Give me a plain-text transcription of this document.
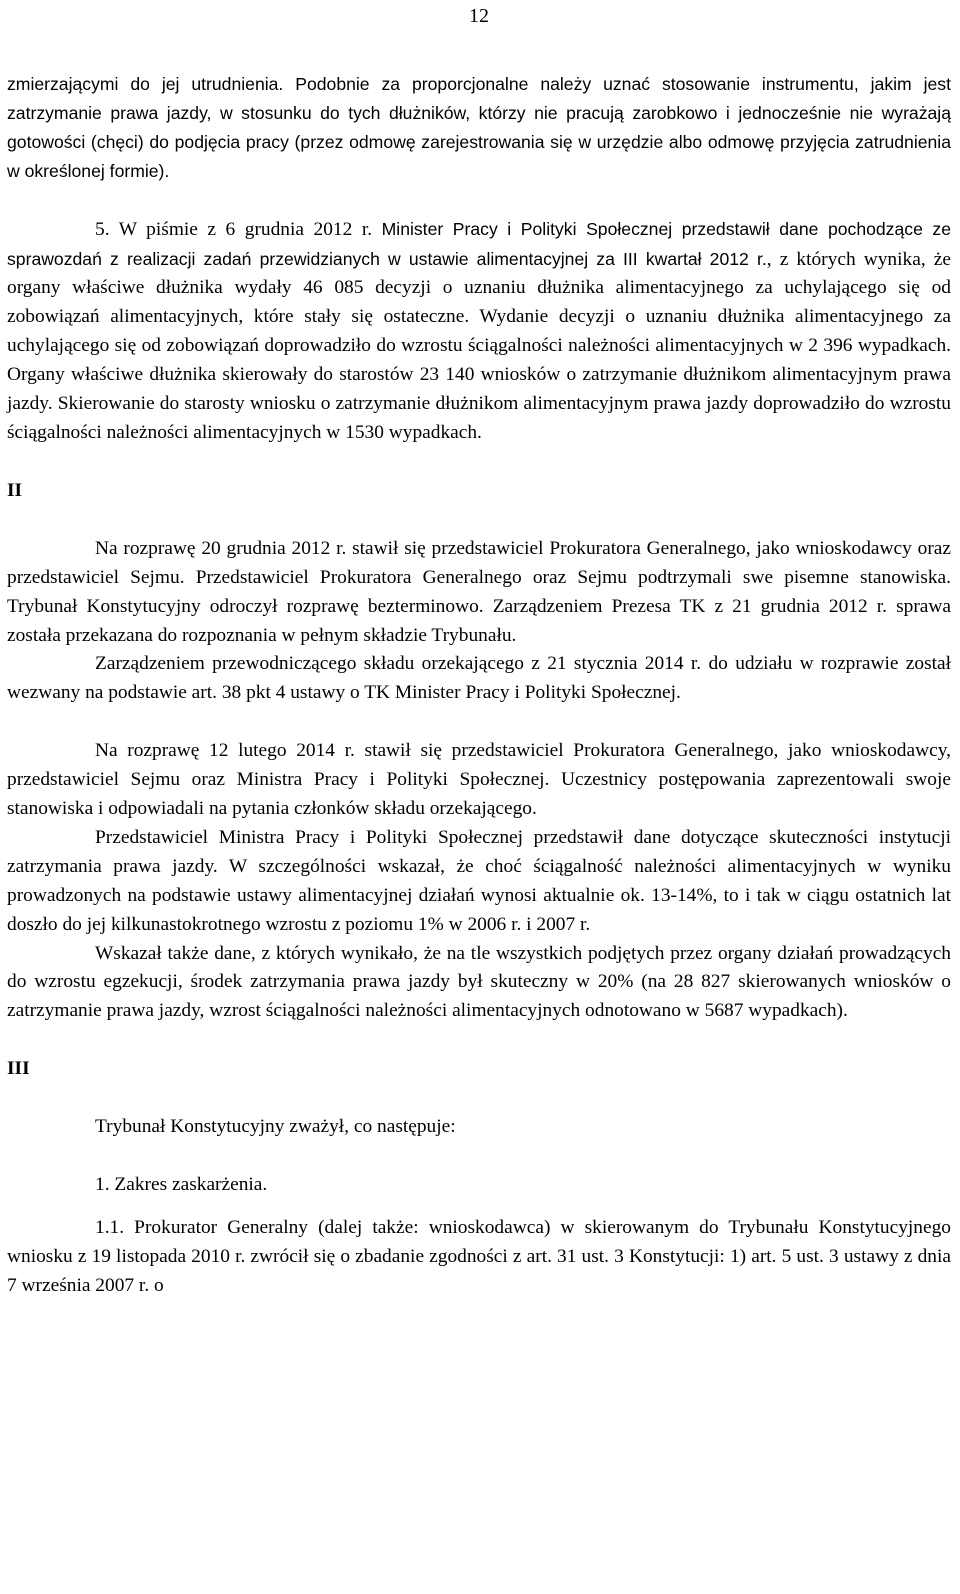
12

zmierzającymi do jej utrudnienia. Podobnie za proporcjonalne należy uznać stosowanie instrumentu, jakim jest zatrzymanie prawa jazdy, w stosunku do tych dłużników, którzy nie pracują zarobkowo i jednocześnie nie wyrażają gotowości (chęci) do podjęcia pracy (przez odmowę zarejestrowania się w urzędzie albo odmowę przyjęcia zatrudnienia w określonej formie).

5. W piśmie z 6 grudnia 2012 r. Minister Pracy i Polityki Społecznej przedstawił dane pochodzące ze sprawozdań z realizacji zadań przewidzianych w ustawie alimentacyjnej za III kwartał 2012 r., z których wynika, że organy właściwe dłużnika wydały 46 085 decyzji o uznaniu dłużnika alimentacyjnego za uchylającego się od zobowiązań alimentacyjnych, które stały się ostateczne. Wydanie decyzji o uznaniu dłużnika alimentacyjnego za uchylającego się od zobowiązań doprowadziło do wzrostu ściągalności należności alimentacyjnych w 2 396 wypadkach. Organy właściwe dłużnika skierowały do starostów 23 140 wniosków o zatrzymanie dłużnikom alimentacyjnym prawa jazdy. Skierowanie do starosty wniosku o zatrzymanie dłużnikom alimentacyjnym prawa jazdy doprowadziło do wzrostu ściągalności należności alimentacyjnych w 1530 wypadkach.

II

Na rozprawę 20 grudnia 2012 r. stawił się przedstawiciel Prokuratora Generalnego, jako wnioskodawcy oraz przedstawiciel Sejmu. Przedstawiciel Prokuratora Generalnego oraz Sejmu podtrzymali swe pisemne stanowiska. Trybunał Konstytucyjny odroczył rozprawę bezterminowo. Zarządzeniem Prezesa TK z 21 grudnia 2012 r. sprawa została przekazana do rozpoznania w pełnym składzie Trybunału.

Zarządzeniem przewodniczącego składu orzekającego z 21 stycznia 2014 r. do udziału w rozprawie został wezwany na podstawie art. 38 pkt 4 ustawy o TK Minister Pracy i Polityki Społecznej.

Na rozprawę 12 lutego 2014 r. stawił się przedstawiciel Prokuratora Generalnego, jako wnioskodawcy, przedstawiciel Sejmu oraz Ministra Pracy i Polityki Społecznej. Uczestnicy postępowania zaprezentowali swoje stanowiska i odpowiadali na pytania członków składu orzekającego.

Przedstawiciel Ministra Pracy i Polityki Społecznej przedstawił dane dotyczące skuteczności instytucji zatrzymania prawa jazdy. W szczególności wskazał, że choć ściągalność należności alimentacyjnych w wyniku prowadzonych na podstawie ustawy alimentacyjnej działań wynosi aktualnie ok. 13-14%, to i tak w ciągu ostatnich lat doszło do jej kilkunastokrotnego wzrostu z poziomu 1% w 2006 r. i 2007 r.

Wskazał także dane, z których wynikało, że na tle wszystkich podjętych przez organy działań prowadzących do wzrostu egzekucji, środek zatrzymania prawa jazdy był skuteczny w 20% (na 28 827 skierowanych wniosków o zatrzymanie prawa jazdy, wzrost ściągalności należności alimentacyjnych odnotowano w 5687 wypadkach).

III

Trybunał Konstytucyjny zważył, co następuje:

1. Zakres zaskarżenia.

1.1. Prokurator Generalny (dalej także: wnioskodawca) w skierowanym do Trybunału Konstytucyjnego wniosku z 19 listopada 2010 r. zwrócił się o zbadanie zgodności z art. 31 ust. 3 Konstytucji: 1) art. 5 ust. 3 ustawy z dnia 7 września 2007 r. o
